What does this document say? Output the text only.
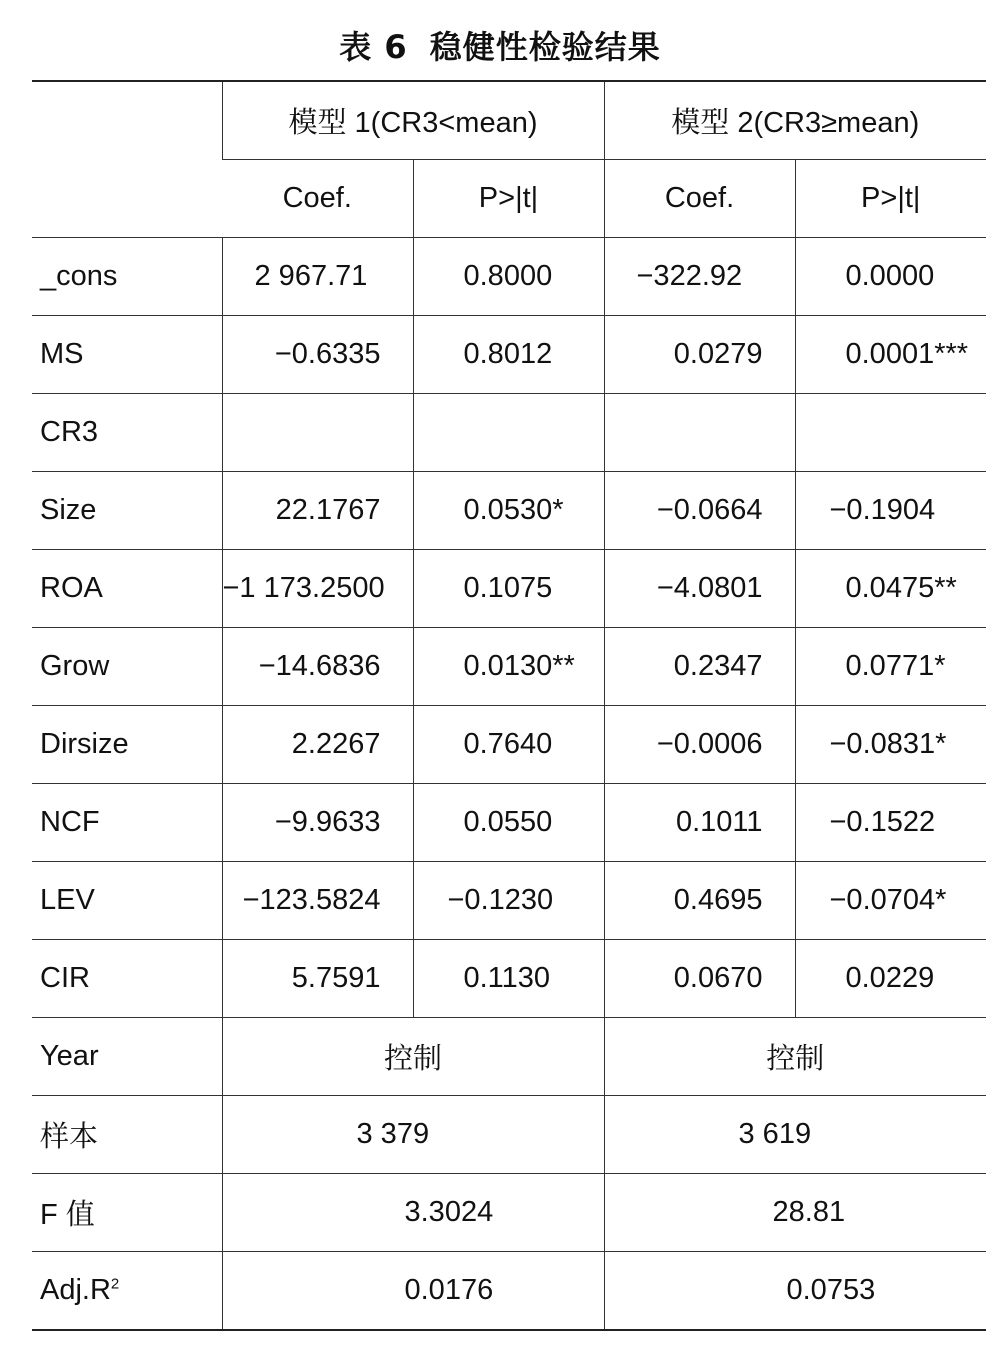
表 6 稳健性检验结果
	模型 1(CR3<mean)		模型 2(CR3≥mean)	
	Coef.	P>|t|	Coef.	P>|t|
_cons	2 967.71	0.8000	−322.92	0.0000
MS	−0.6335	0.8012	0.0279	0.0001***
CR3				
Size	22.1767	0.0530*	−0.0664	−0.1904
ROA	−1 173.2500	0.1075	−4.0801	0.0475**
Grow	−14.6836	0.0130**	0.2347	0.0771*
Dirsize	2.2267	0.7640	−0.0006	−0.0831*
NCF	−9.9633	0.0550	0.1011	−0.1522
LEV	−123.5824	−0.1230	0.4695	−0.0704*
CIR	5.7591	0.1130	0.0670	0.0229
Year	控制		控制	
样本	3 379		3 619	
F 值	3.3024		28.81	
$Adj.R^2$	0.0176		0.0753	
